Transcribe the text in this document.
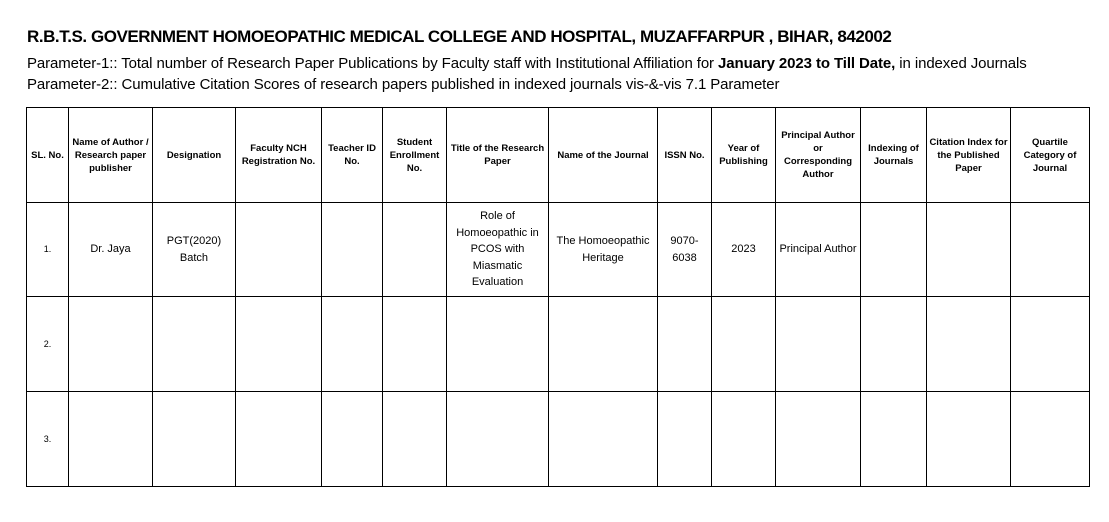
R.B.T.S. GOVERNMENT HOMOEOPATHIC MEDICAL COLLEGE AND HOSPITAL, MUZAFFARPUR , BIHAR, 842002
Parameter-1:: Total number of Research Paper Publications by Faculty staff with Institutional Affiliation for January 2023 to Till Date, in indexed Journals
Parameter-2:: Cumulative Citation Scores of research papers published in indexed journals vis-&-vis 7.1 Parameter
SL. No.	Name of Author / Research paper publisher	Designation	Faculty NCH Registration No.	Teacher ID No.	Student Enrollment No.	Title of the Research Paper	Name of the Journal	ISSN No.	Year of Publishing	Principal Author or Corresponding Author	Indexing of Journals	Citation Index for the Published Paper	Quartile Category of Journal
1.	Dr. Jaya	PGT(2020) Batch				Role of Homoeopathic in PCOS with Miasmatic Evaluation	The Homoeopathic Heritage	9070-6038	2023	Principal Author			
2.													
3.													
